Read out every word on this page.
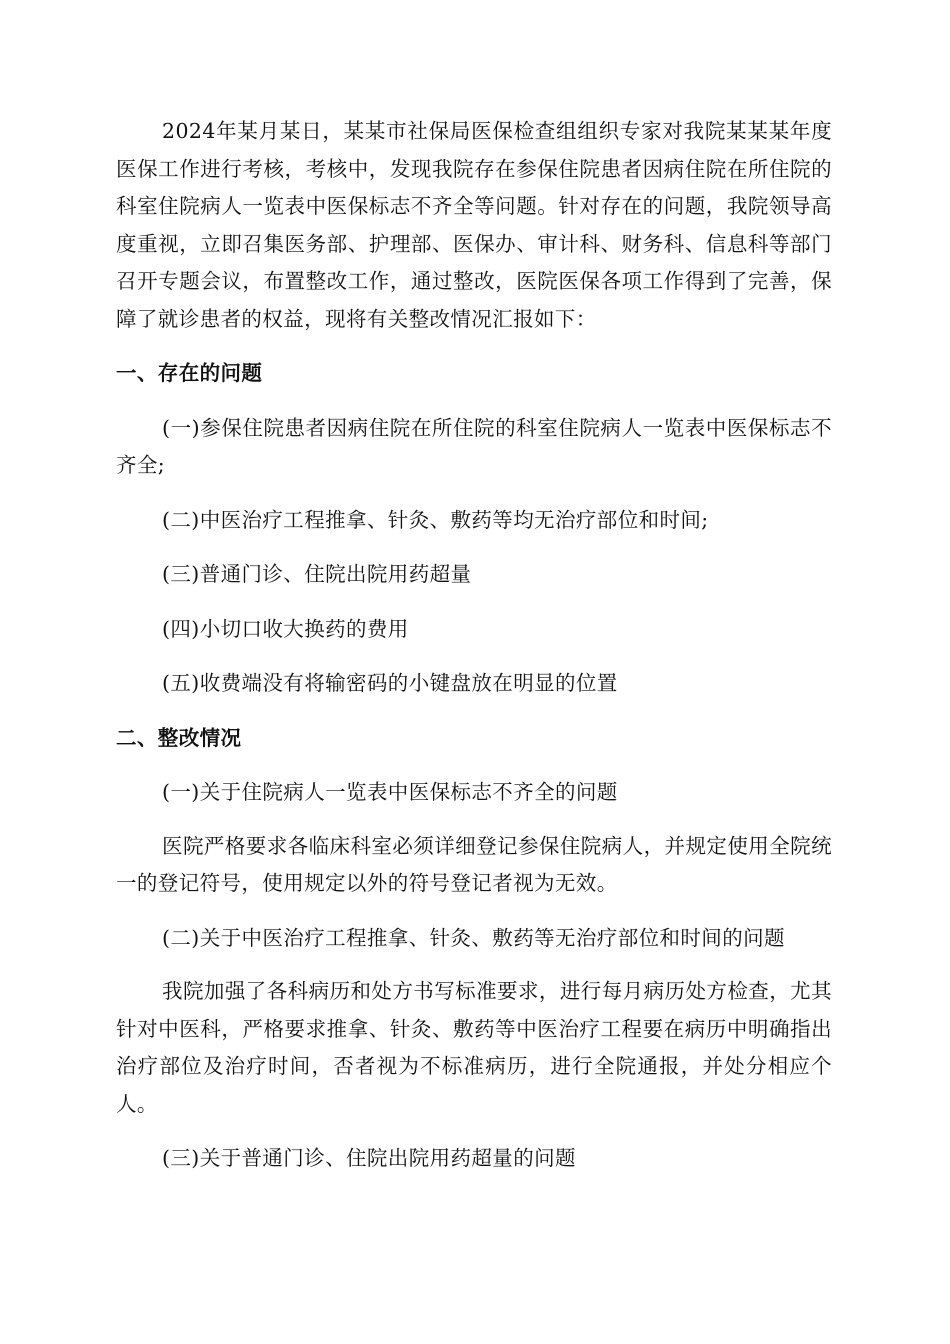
2024年某月某日，某某市社保局医保检查组组织专家对我院某某某年度医保工作进行考核，考核中，发现我院存在参保住院患者因病住院在所住院的科室住院病人一览表中医保标志不齐全等问题。针对存在的问题，我院领导高度重视，立即召集医务部、护理部、医保办、审计科、财务科、信息科等部门召开专题会议，布置整改工作，通过整改，医院医保各项工作得到了完善，保障了就诊患者的权益，现将有关整改情况汇报如下：

一、存在的问题

(一)参保住院患者因病住院在所住院的科室住院病人一览表中医保标志不齐全;

(二)中医治疗工程推拿、针灸、敷药等均无治疗部位和时间;

(三)普通门诊、住院出院用药超量

(四)小切口收大换药的费用

(五)收费端没有将输密码的小键盘放在明显的位置

二、整改情况

(一)关于住院病人一览表中医保标志不齐全的问题

医院严格要求各临床科室必须详细登记参保住院病人，并规定使用全院统一的登记符号，使用规定以外的符号登记者视为无效。

(二)关于中医治疗工程推拿、针灸、敷药等无治疗部位和时间的问题

我院加强了各科病历和处方书写标准要求，进行每月病历处方检查，尤其针对中医科，严格要求推拿、针灸、敷药等中医治疗工程要在病历中明确指出治疗部位及治疗时间，否者视为不标准病历，进行全院通报，并处分相应个人。

(三)关于普通门诊、住院出院用药超量的问题
